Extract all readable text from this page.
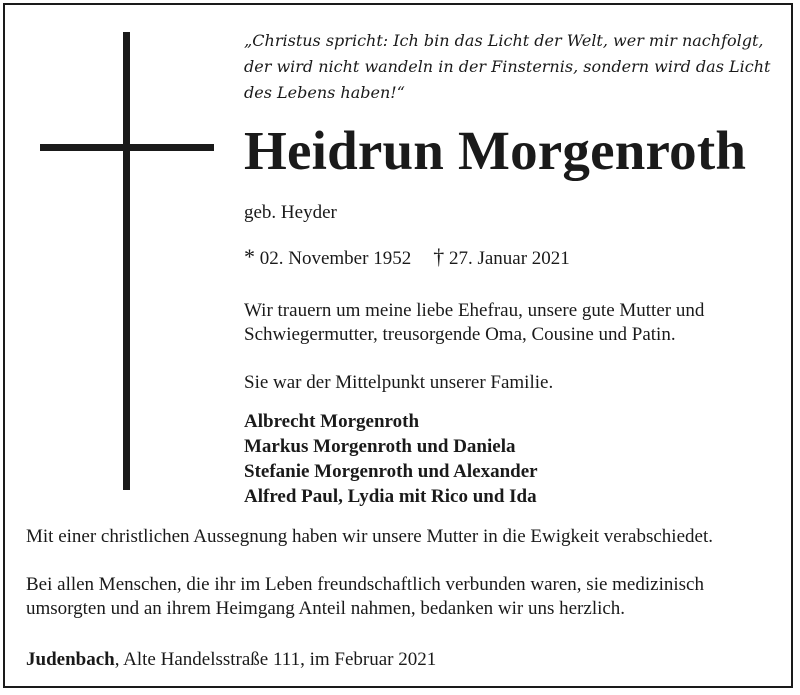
„Christus spricht: Ich bin das Licht der Welt, wer mir nachfolgt,
der wird nicht wandeln in der Finsternis, sondern wird das Licht
des Lebens haben!“

Heidrun Morgenroth

geb. Heyder

* 02. November 1952 † 27. Januar 2021

Wir trauern um meine liebe Ehefrau, unsere gute Mutter und

Schwiegermutter, treusorgende Oma, Cousine und Patin.

Sie war der Mittelpunkt unserer Familie.

Albrecht Morgenroth
Markus Morgenroth und Daniela
Stefanie Morgenroth und Alexander
Alfred Paul, Lydia mit Rico und Ida

Mit einer christlichen Aussegnung haben wir unsere Mutter in die Ewigkeit verabschiedet.

Bei allen Menschen, die ihr im Leben freundschaftlich verbunden waren, sie medizinisch

umsorgten und an ihrem Heimgang Anteil nahmen, bedanken wir uns herzlich.

Judenbach, Alte Handelsstraße 111, im Februar 2021
